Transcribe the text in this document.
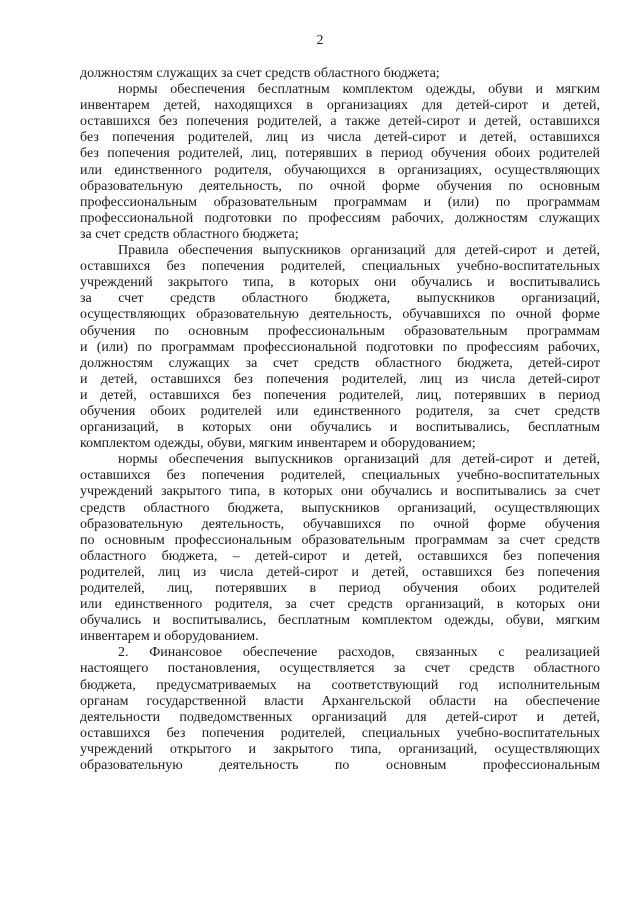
2
должностям служащих за счет средств областного бюджета;
нормы обеспечения бесплатным комплектом одежды, обуви и мягким
инвентарем детей, находящихся в организациях для детей-сирот и детей,
оставшихся без попечения родителей, а также детей-сирот и детей, оставшихся
без попечения родителей, лиц из числа детей-сирот и детей, оставшихся
без попечения родителей, лиц, потерявших в период обучения обоих родителей
или единственного родителя, обучающихся в организациях, осуществляющих
образовательную деятельность, по очной форме обучения по основным
профессиональным образовательным программам и (или) по программам
профессиональной подготовки по профессиям рабочих, должностям служащих
за счет средств областного бюджета;
Правила обеспечения выпускников организаций для детей-сирот и детей,
оставшихся без попечения родителей, специальных учебно-воспитательных
учреждений закрытого типа, в которых они обучались и воспитывались
за счет средств областного бюджета, выпускников организаций,
осуществляющих образовательную деятельность, обучавшихся по очной форме
обучения по основным профессиональным образовательным программам
и (или) по программам профессиональной подготовки по профессиям рабочих,
должностям служащих за счет средств областного бюджета, детей-сирот
и детей, оставшихся без попечения родителей, лиц из числа детей-сирот
и детей, оставшихся без попечения родителей, лиц, потерявших в период
обучения обоих родителей или единственного родителя, за счет средств
организаций, в которых они обучались и воспитывались, бесплатным
комплектом одежды, обуви, мягким инвентарем и оборудованием;
нормы обеспечения выпускников организаций для детей-сирот и детей,
оставшихся без попечения родителей, специальных учебно-воспитательных
учреждений закрытого типа, в которых они обучались и воспитывались за счет
средств областного бюджета, выпускников организаций, осуществляющих
образовательную деятельность, обучавшихся по очной форме обучения
по основным профессиональным образовательным программам за счет средств
областного бюджета, – детей-сирот и детей, оставшихся без попечения
родителей, лиц из числа детей-сирот и детей, оставшихся без попечения
родителей, лиц, потерявших в период обучения обоих родителей
или единственного родителя, за счет средств организаций, в которых они
обучались и воспитывались, бесплатным комплектом одежды, обуви, мягким
инвентарем и оборудованием.
2. Финансовое обеспечение расходов, связанных с реализацией
настоящего постановления, осуществляется за счет средств областного
бюджета, предусматриваемых на соответствующий год исполнительным
органам государственной власти Архангельской области на обеспечение
деятельности подведомственных организаций для детей-сирот и детей,
оставшихся без попечения родителей, специальных учебно-воспитательных
учреждений открытого и закрытого типа, организаций, осуществляющих
образовательную деятельность по основным профессиональным
